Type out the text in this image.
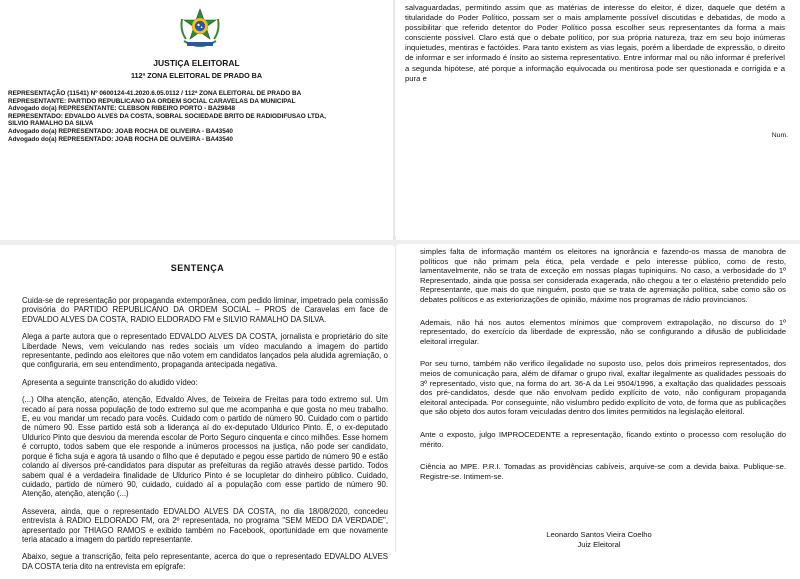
JUSTIÇA ELEITORAL
112ª ZONA ELEITORAL DE PRADO BA
REPRESENTAÇÃO (11541) Nº 0600124-41.2020.6.05.0112 / 112ª ZONA ELEITORAL DE PRADO BA
REPRESENTANTE: PARTIDO REPUBLICANO DA ORDEM SOCIAL CARAVELAS DA MUNICIPAL
Advogado do(a) REPRESENTANTE: CLEBSON RIBEIRO PORTO - BA29848
REPRESENTADO: EDVALDO ALVES DA COSTA, SOBRAL SOCIEDADE BRITO DE RADIODIFUSAO LTDA,
SILVIO RAMALHO DA SILVA
Advogado do(a) REPRESENTADO: JOAB ROCHA DE OLIVEIRA - BA43540
Advogado do(a) REPRESENTADO: JOAB ROCHA DE OLIVEIRA - BA43540
salvaguardadas, permitindo assim que as matérias de interesse do eleitor, é dizer, daquele que detém a titularidade do Poder Político, possam ser o mais amplamente possível discutidas e debatidas, de modo a possibilitar que referido detentor do Poder Político possa escolher seus representantes da forma a mais consciente possível. Claro está que o debate político, por sua própria natureza, traz em seu bojo inúmeras inquietudes, mentiras e factóides. Para tanto existem as vias legais, porém a liberdade de expressão, o direito de informar e ser informado é ínsito ao sistema representativo. Entre informar mal ou não informar é preferível a segunda hipótese, até porque a informação equivocada ou mentirosa pode ser questionada e corrigida e a pura e
Num.
SENTENÇA

Cuida-se de representação por propaganda extemporânea, com pedido liminar, impetrado pela comissão provisória do PARTIDO REPUBLICANO DA ORDEM SOCIAL – PROS de Caravelas em face de EDVALDO ALVES DA COSTA, RADIO ELDORADO FM e SILVIO RAMALHO DA SILVA.

Alega a parte autora que o representado EDVALDO ALVES DA COSTA, jornalista e proprietário do site Liberdade News, vem veiculando nas redes sociais um vídeo maculando a imagem do partido representante, pedindo aos eleitores que não votem em candidatos lançados pela aludida agremiação, o que configuraria, em seu entendimento, propaganda antecipada negativa.

Apresenta a seguinte transcrição do aludido vídeo:

(...) Olha atenção, atenção, atenção, Edvaldo Alves, de Teixeira de Freitas para todo extremo sul. Um recado aí para nossa população de todo extremo sul que me acompanha e que gosta no meu trabalho. E, eu vou mandar um recado para vocês. Cuidado com o partido de número 90. Cuidado com o partido de número 90. Esse partido está sob a liderança aí do ex-deputado Uldurico Pinto. É, o ex-deputado Uldurico Pinto que desviou da merenda escolar de Porto Seguro cinquenta e cinco milhões. Esse homem é corrupto, todos sabem que ele responde a inúmeros processos na justiça, não pode ser candidato, porque é ficha suja e agora tá usando o filho que é deputado e pegou esse partido de número 90 e estão colando aí diversos pré-candidatos para disputar as prefeituras da região através desse partido. Todos sabem qual é a verdadeira finalidade de Uldurico Pinto é se locupletar do dinheiro público. Cuidado, cuidado, partido de número 90, cuidado, cuidado aí a população com esse partido de número 90. Atenção, atenção, atenção (...)

Assevera, ainda, que o representado EDVALDO ALVES DA COSTA, no dia 18/08/2020, concedeu entrevista à RADIO ELDORADO FM, ora 2º representada, no programa "SEM MEDO DA VERDADE", apresentado por THIAGO RAMOS e exibido também no Facebook, oportunidade em que novamente teria atacado a imagem do partido representante.

Abaixo, segue a transcrição, feita pelo representante, acerca do que o representado EDVALDO ALVES DA COSTA teria dito na entrevista em epígrafe:

simples falta de informação mantém os eleitores na ignorância e fazendo-os massa de manobra de políticos que não primam pela ética, pela verdade e pelo interesse público, como de resto, lamentavelmente, não se trata de exceção em nossas plagas tupiniquins. No caso, a verbosidade do 1º Representado, ainda que possa ser considerada exagerada, não chegou a ter o elastério pretendido pelo Representante, que mais do que ninguém, posto que se trata de agremiação política, sabe como são os debates políticos e as exteriorizações de opinião, máxime nos programas de rádio provincianos.

Ademais, não há nos autos elementos mínimos que comprovem extrapolação, no discurso do 1º representado, do exercício da liberdade de expressão, não se configurando a difusão de publicidade eleitoral irregular.

Por seu turno, também não verifico ilegalidade no suposto uso, pelos dois primeiros representados, dos meios de comunicação para, além de difamar o grupo rival, exaltar ilegalmente as qualidades pessoais do 3º representado, visto que, na forma do art. 36-A da Lei 9504/1996, a exaltação das qualidades pessoais dos pré-candidatos, desde que não envolvam pedido explícito de voto, não configuram propaganda eleitoral antecipada. Por conseguinte, não vislumbro pedido explícito de voto, de forma que as publicações que são objeto dos autos foram veiculadas dentro dos limites permitidos na legislação eleitoral.

Ante o exposto, julgo IMPROCEDENTE a representação, ficando extinto o processo com resolução do mérito.

Ciência ao MPE. P.R.I. Tomadas as providências cabíveis, arquive-se com a devida baixa. Publique-se. Registre-se. Intimem-se.

Leonardo Santos Vieira Coelho
Juiz Eleitoral
